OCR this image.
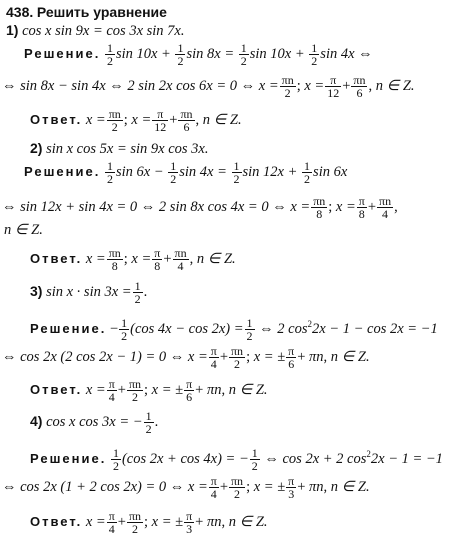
438. Решить уравнение
1) cos x sin 9x = cos 3x sin 7x.
Решение. $\frac{1}{2}$ $\sin 10x + \frac{1}{2}$ $\sin 8x = \frac{1}{2}$ $\sin 10x + \frac{1}{2}$ sin 4x ⇔
⇔ sin 8x − sin 4x ⇔ 2 sin 2x cos 6x = 0 ⇔ $x = \frac{\pi n}{2}$ ; $x = \frac{\pi}{12} + \frac{\pi n}{6}$ , n ∈ Z.
Ответ. $x = \frac{\pi n}{2}$ ; $x = \frac{\pi}{12} + \frac{\pi n}{6}$ , n ∈ Z.
2) sin x cos 5x = sin 9x cos 3x.
Решение. $\frac{1}{2}$ $\sin 6x - \frac{1}{2}$ $\sin 4x = \frac{1}{2}$ $\sin 12x + \frac{1}{2}$ sin 6x
⇔ sin 12x + sin 4x = 0 ⇔ 2 sin 8x cos 4x = 0 ⇔ $x = \frac{\pi n}{8}$ ; $x = \frac{\pi}{8} + \frac{\pi n}{4}$ ,
n ∈ Z.
Ответ. $x = \frac{\pi n}{8}$ ; $x = \frac{\pi}{8} + \frac{\pi n}{4}$ , n ∈ Z.
3) $\sin x \cdot \sin 3x = \frac{1}{2}$ .
Решение. − $\frac{1}{2} (\cos$ $4x - \cos 2x) = \frac{1}{2}$ ⇔ 2 $\cos^22x - 1 - \cos 2x = -1$
⇔ cos 2x (2 cos 2x − 1) = 0 ⇔ $x = \frac{\pi}{4} + \frac{\pi n}{2}$ ; x = ± $\frac{\pi}{6} + \pi n$, n ∈ Z.
Ответ. $x = \frac{\pi}{4} + \frac{\pi n}{2}$ ; x = ± $\frac{\pi}{6} + \pi n$, n ∈ Z.
4) cos x cos 3x = − $\frac{1}{2}$ .
Решение. $\frac{1}{2} (\cos$ 2x + cos 4x) = − $\frac{1}{2}$ ⇔ cos 2x + 2 $\cos^22x - 1 = -1$
⇔ cos 2x (1 + 2 cos 2x) = 0 ⇔ $x = \frac{\pi}{4} + \frac{\pi n}{2}$ ; x = ± $\frac{\pi}{3} + \pi n$, n ∈ Z.
Ответ. $x = \frac{\pi}{4} + \frac{\pi n}{2}$ ; x = ± $\frac{\pi}{3} + \pi n$, n ∈ Z.
